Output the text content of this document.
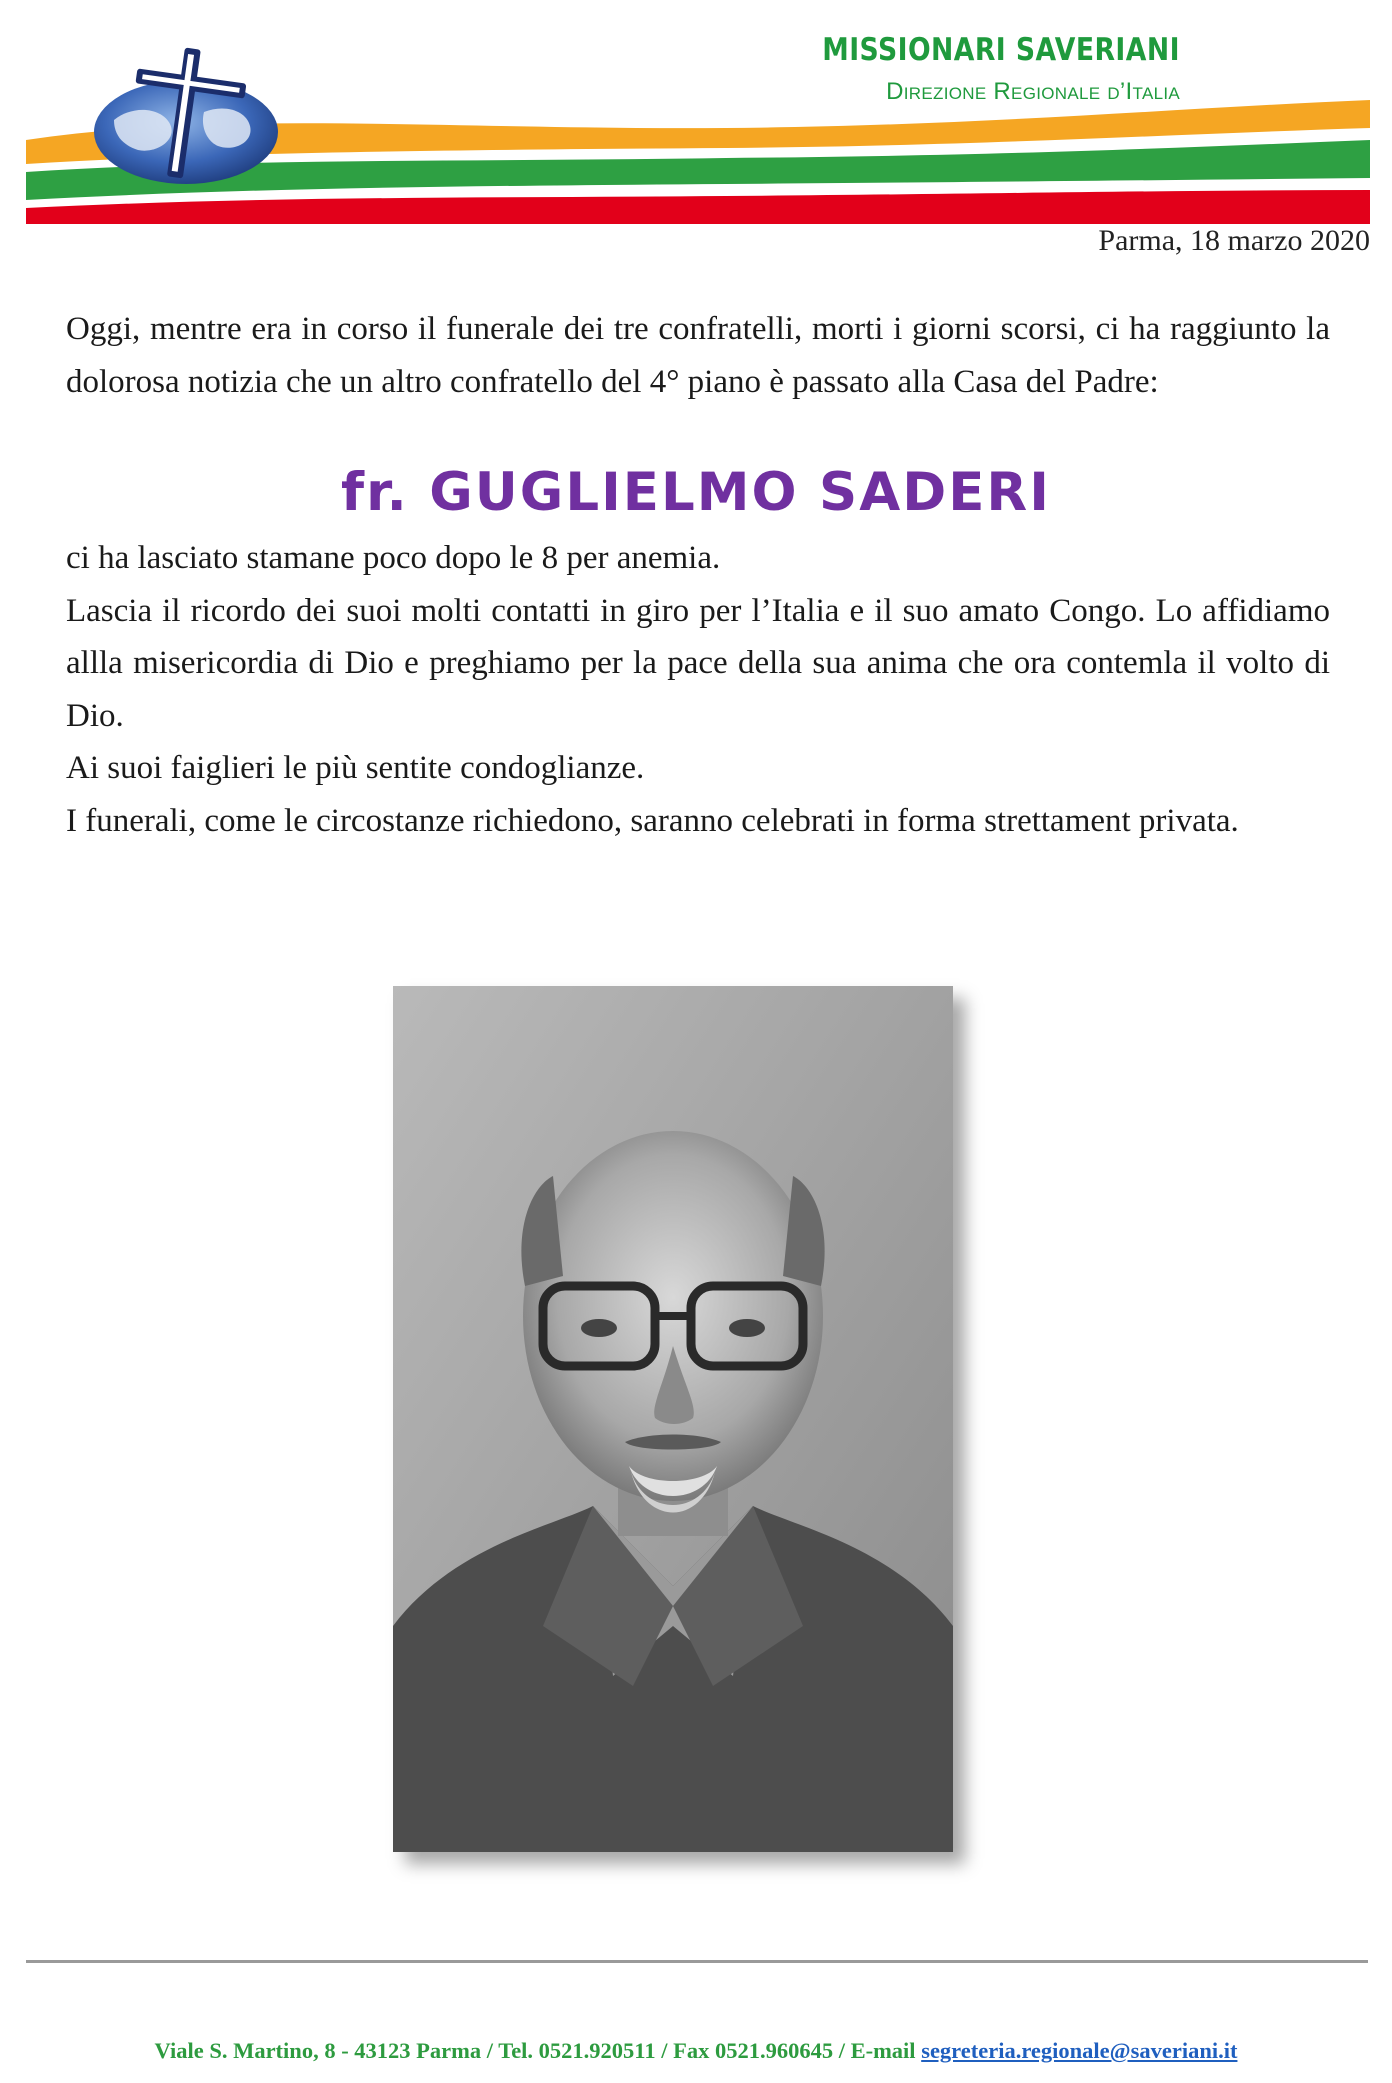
MISSIONARI SAVERIANI
Direzione Regionale d’Italia
Parma, 18 marzo 2020
Oggi, mentre era in corso il funerale dei tre confratelli, morti i giorni scorsi, ci ha raggiunto la dolorosa notizia che un altro confratello del 4° piano è passato alla Casa del Padre:
fr. GUGLIELMO SADERI

ci ha lasciato stamane poco dopo le 8 per anemia.

Lascia il ricordo dei suoi molti contatti in giro per l’Italia e il suo amato Congo. Lo affidiamo allla misericordia di Dio e preghiamo per la pace della sua anima che ora contemla il volto di Dio.

Ai suoi faiglieri le più sentite condoglianze.

I funerali, come le circostanze richiedono, saranno celebrati in forma strettament privata.

Viale S. Martino, 8 - 43123 Parma / Tel. 0521.920511 / Fax 0521.960645 / E-mail segreteria.regionale@saveriani.it
